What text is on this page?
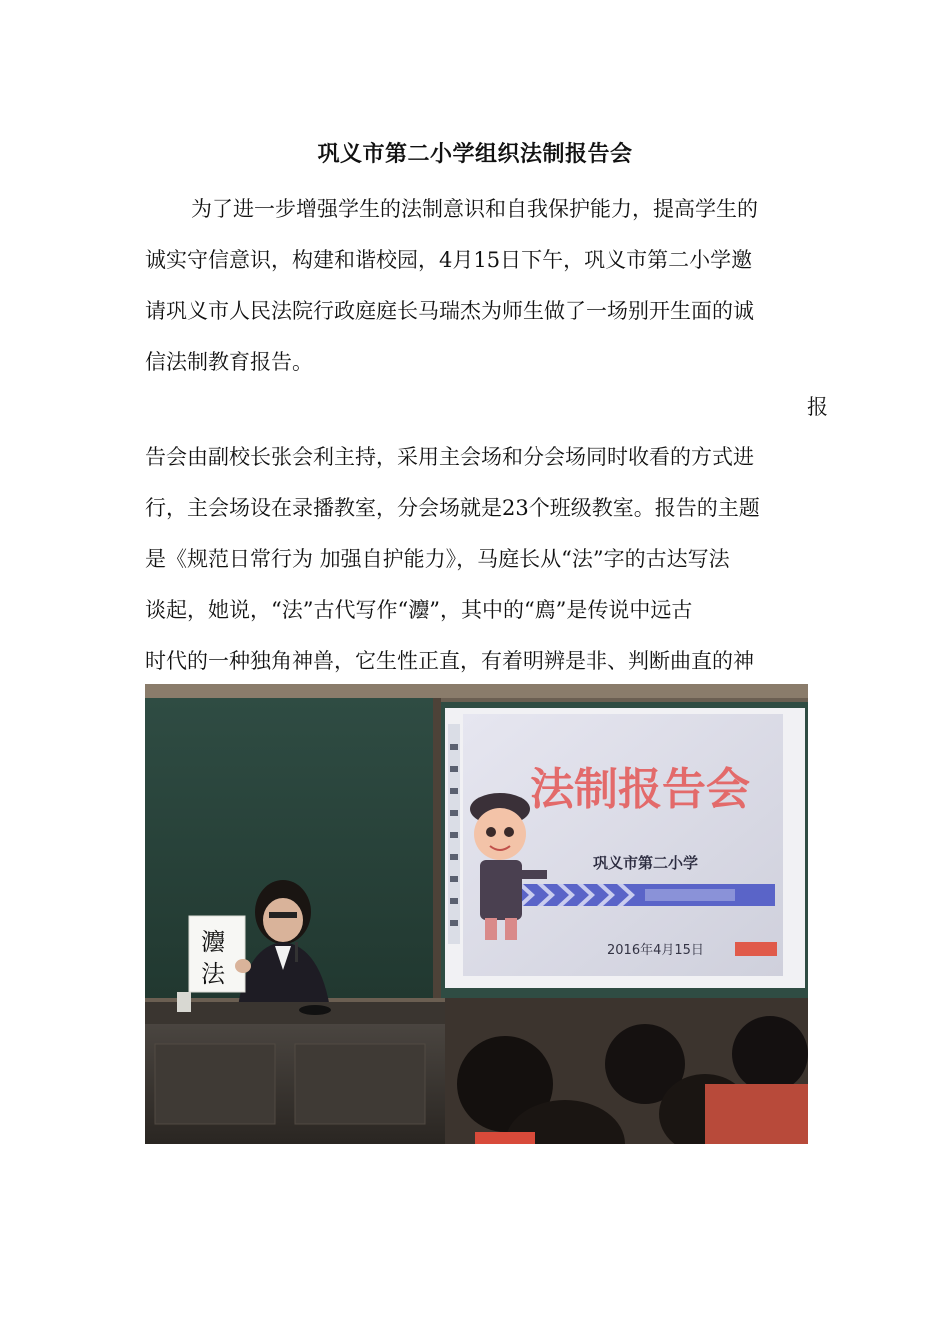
巩义市第二小学组织法制报告会
为了进一步增强学生的法制意识和自我保护能力，提高学生的
诚实守信意识，构建和谐校园，4月15日下午，巩义市第二小学邀
请巩义市人民法院行政庭庭长马瑞杰为师生做了一场别开生面的诚
信法制教育报告。
报
告会由副校长张会利主持，采用主会场和分会场同时收看的方式进
行，主会场设在录播教室，分会场就是23个班级教室。报告的主题
是《规范日常行为 加强自护能力》，马庭长从“法”字的古达写法
谈起，她说，“法”古代写作“灋”，其中的“廌”是传说中远古
时代的一种独角神兽，它生性正直，有着明辨是非、判断曲直的神
法制报告会
巩义市第二小学
2016年4月15日
灋
法
